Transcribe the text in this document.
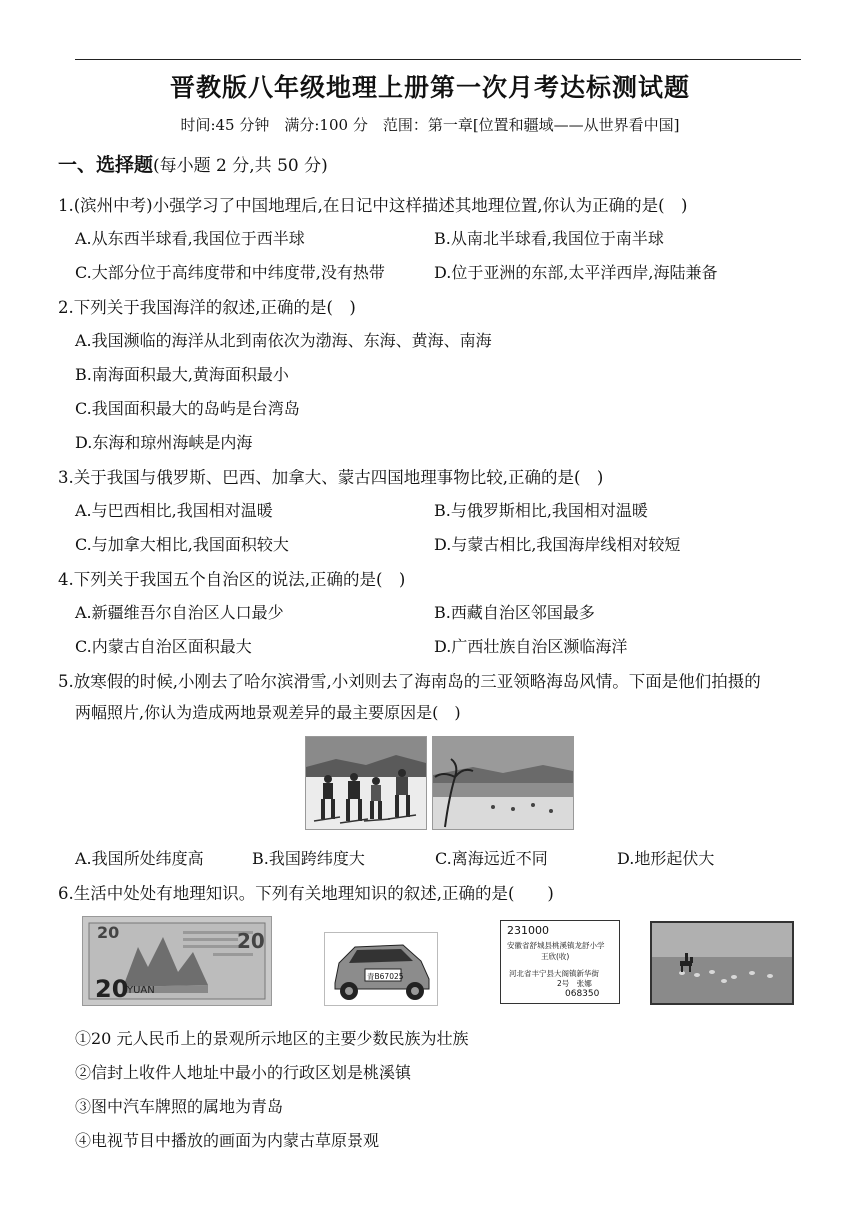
晋教版八年级地理上册第一次月考达标测试题
时间:45 分钟　满分:100 分　范围：第一章[位置和疆域——从世界看中国]
一、选择题(每小题 2 分,共 50 分)
1.(滨州中考)小强学习了中国地理后,在日记中这样描述其地理位置,你认为正确的是(　)
A.从东西半球看,我国位于西半球	B.从南北半球看,我国位于南半球
C.大部分位于高纬度带和中纬度带,没有热带	D.位于亚洲的东部,太平洋西岸,海陆兼备
2.下列关于我国海洋的叙述,正确的是(　)
A.我国濒临的海洋从北到南依次为渤海、东海、黄海、南海
B.南海面积最大,黄海面积最小
C.我国面积最大的岛屿是台湾岛
D.东海和琼州海峡是内海
3.关于我国与俄罗斯、巴西、加拿大、蒙古四国地理事物比较,正确的是(　)
A.与巴西相比,我国相对温暖	B.与俄罗斯相比,我国相对温暖
C.与加拿大相比,我国面积较大	D.与蒙古相比,我国海岸线相对较短
4.下列关于我国五个自治区的说法,正确的是(　)
A.新疆维吾尔自治区人口最少	B.西藏自治区邻国最多
C.内蒙古自治区面积最大	D.广西壮族自治区濒临海洋
5.放寒假的时候,小刚去了哈尔滨滑雪,小刘则去了海南岛的三亚领略海岛风情。下面是他们拍摄的
两幅照片,你认为造成两地景观差异的最主要原因是(　)
A.我国所处纬度高	B.我国跨纬度大	C.离海远近不同	D.地形起伏大
6.生活中处处有地理知识。下列有关地理知识的叙述,正确的是(　　)
20	20
20
YUAN
青B67025
231000
安徽省舒城县桃溪镇龙舒小学
王欣(收)
河北省丰宁县大阁镇新华街
2号　张娜
068350
①20 元人民币上的景观所示地区的主要少数民族为壮族
②信封上收件人地址中最小的行政区划是桃溪镇
③图中汽车牌照的属地为青岛
④电视节目中播放的画面为内蒙古草原景观
